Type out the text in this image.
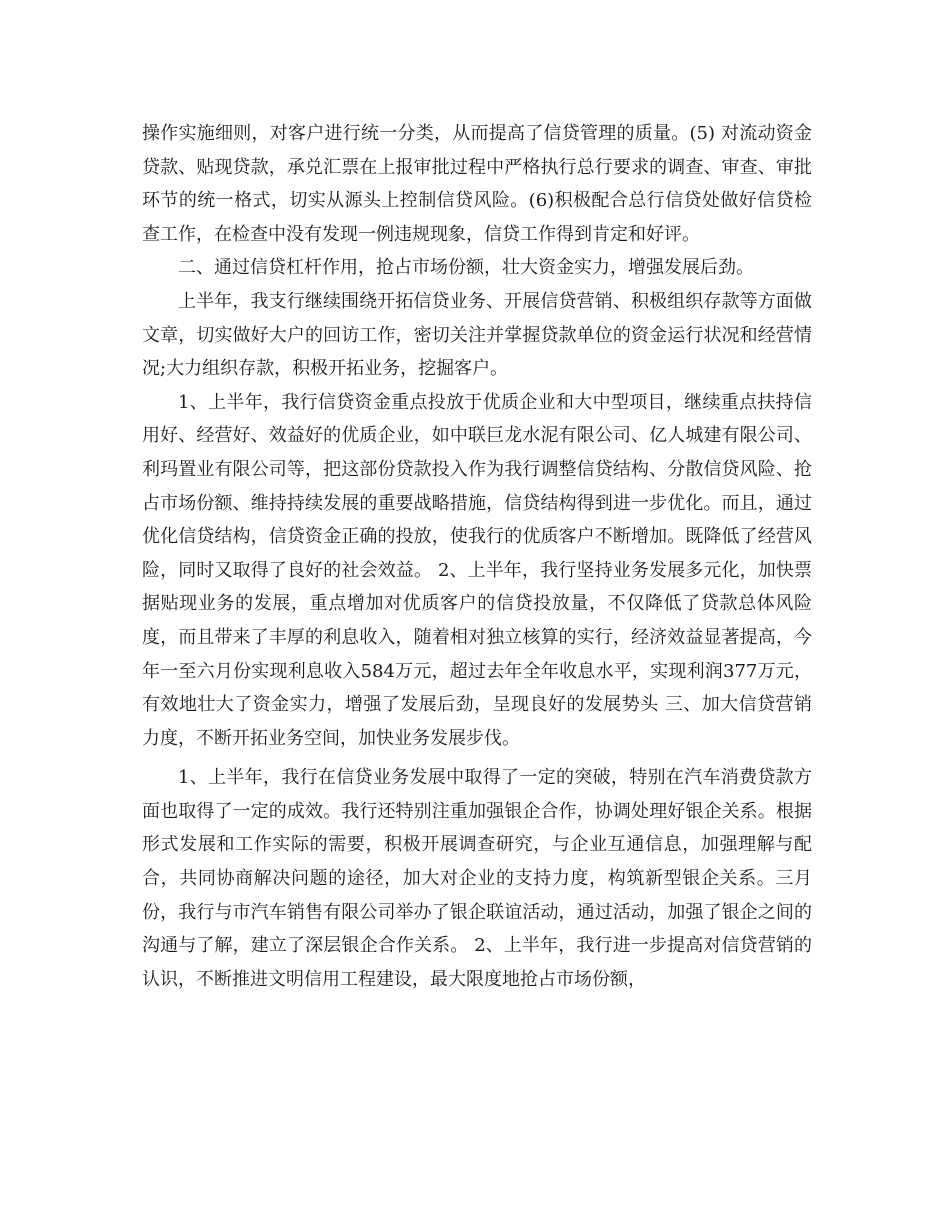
操作实施细则，对客户进行统一分类，从而提高了信贷管理的质量。(5) 对流动资金贷款、贴现贷款，承兑汇票在上报审批过程中严格执行总行要求的调查、审查、审批环节的统一格式，切实从源头上控制信贷风险。(6)积极配合总行信贷处做好信贷检查工作，在检查中没有发现一例违规现象，信贷工作得到肯定和好评。

二、通过信贷杠杆作用，抢占市场份额，壮大资金实力，增强发展后劲。

上半年，我支行继续围绕开拓信贷业务、开展信贷营销、积极组织存款等方面做文章，切实做好大户的回访工作，密切关注并掌握贷款单位的资金运行状况和经营情况;大力组织存款，积极开拓业务，挖掘客户。

1、上半年，我行信贷资金重点投放于优质企业和大中型项目，继续重点扶持信用好、经营好、效益好的优质企业，如中联巨龙水泥有限公司、亿人城建有限公司、利玛置业有限公司等，把这部份贷款投入作为我行调整信贷结构、分散信贷风险、抢占市场份额、维持持续发展的重要战略措施，信贷结构得到进一步优化。而且，通过优化信贷结构，信贷资金正确的投放，使我行的优质客户不断增加。既降低了经营风险，同时又取得了良好的社会效益。 2、上半年，我行坚持业务发展多元化，加快票据贴现业务的发展，重点增加对优质客户的信贷投放量，不仅降低了贷款总体风险度，而且带来了丰厚的利息收入，随着相对独立核算的实行，经济效益显著提高，今年一至六月份实现利息收入584万元，超过去年全年收息水平，实现利润377万元，有效地壮大了资金实力，增强了发展后劲，呈现良好的发展势头 三、加大信贷营销力度，不断开拓业务空间，加快业务发展步伐。

1、上半年，我行在信贷业务发展中取得了一定的突破，特别在汽车消费贷款方面也取得了一定的成效。我行还特别注重加强银企合作，协调处理好银企关系。根据形式发展和工作实际的需要，积极开展调查研究，与企业互通信息，加强理解与配合，共同协商解决问题的途径，加大对企业的支持力度，构筑新型银企关系。三月份，我行与市汽车销售有限公司举办了银企联谊活动，通过活动，加强了银企之间的沟通与了解，建立了深层银企合作关系。 2、上半年，我行进一步提高对信贷营销的认识，不断推进文明信用工程建设，最大限度地抢占市场份额，
